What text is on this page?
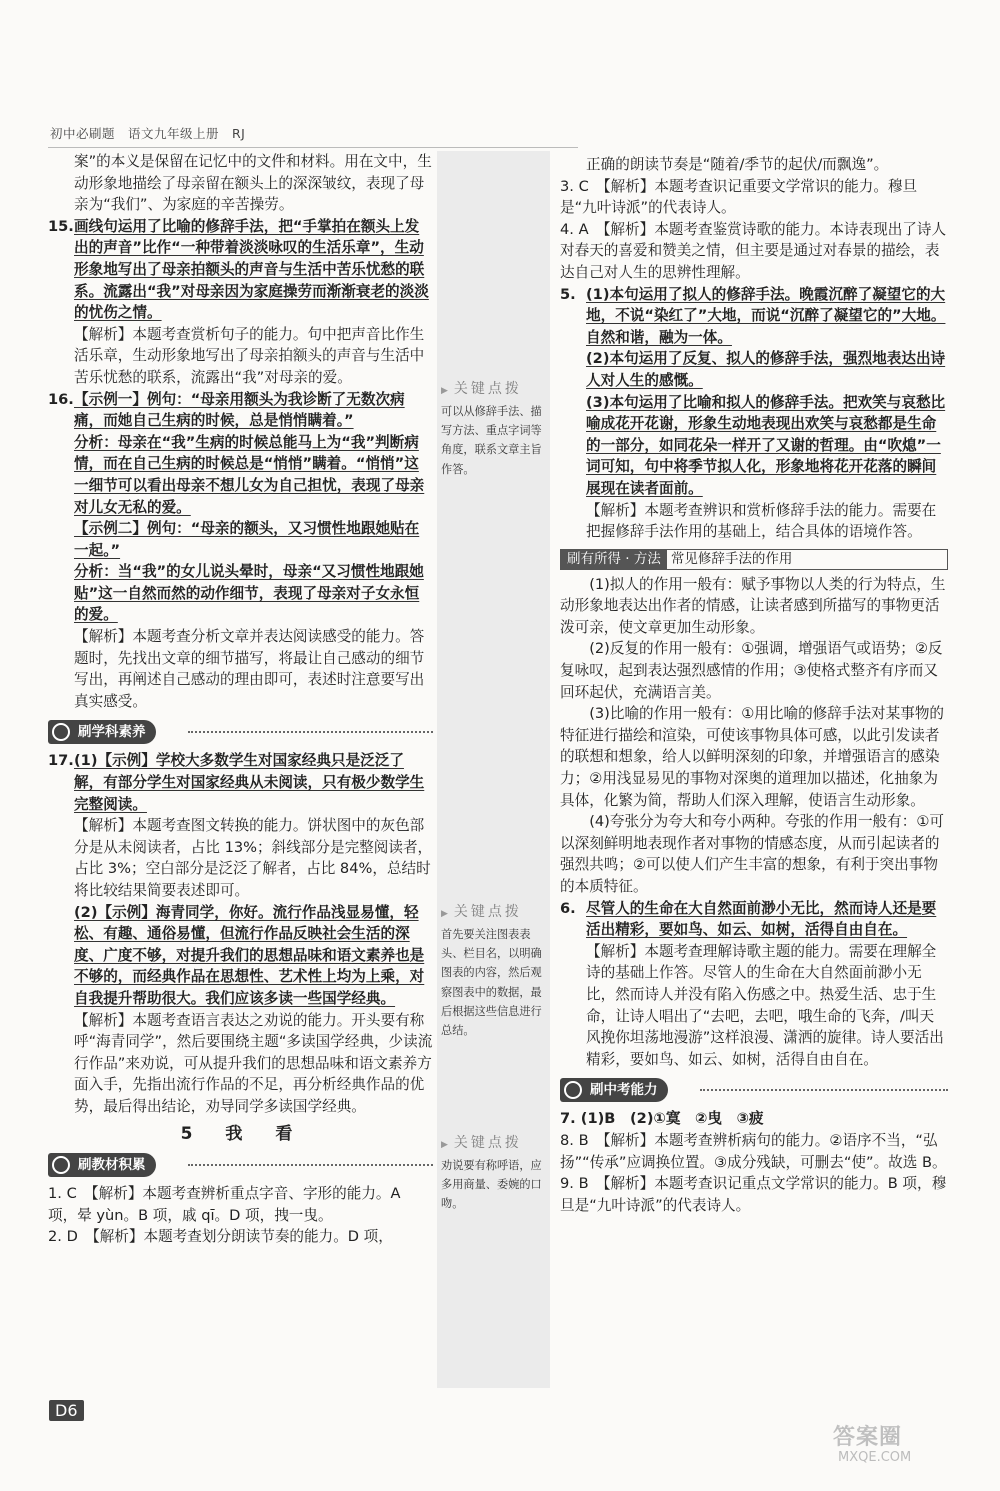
初中必刷题　语文九年级上册　RJ
▶ 关键点拨
可以从修辞手法、描写方法、重点字词等角度，联系文章主旨作答。
▶ 关键点拨
首先要关注图表表头、栏目名，以明确图表的内容，然后观察图表中的数据，最后根据这些信息进行总结。
▶ 关键点拨
劝说要有称呼语，应多用商量、委婉的口吻。

案”的本义是保留在记忆中的文件和材料。用在文中，生动形象地描绘了母亲留在额头上的深深皱纹，表现了母亲为“我们”、为家庭的辛苦操劳。

15.画线句运用了比喻的修辞手法，把“手掌拍在额头上发出的声音”比作“一种带着淡淡咏叹的生活乐章”，生动形象地写出了母亲拍额头的声音与生活中苦乐忧愁的联系。流露出“我”对母亲因为家庭操劳而渐渐衰老的淡淡的忧伤之情。

【解析】本题考查赏析句子的能力。句中把声音比作生活乐章，生动形象地写出了母亲拍额头的声音与生活中苦乐忧愁的联系，流露出“我”对母亲的爱。

16.【示例一】例句：“母亲用额头为我诊断了无数次病痛，而她自己生病的时候，总是悄悄瞒着。”

分析：母亲在“我”生病的时候总能马上为“我”判断病情，而在自己生病的时候总是“悄悄”瞒着。“悄悄”这一细节可以看出母亲不想儿女为自己担忧，表现了母亲对儿女无私的爱。

【示例二】例句：“母亲的额头，又习惯性地跟她贴在一起。”

分析：当“我”的女儿说头晕时，母亲“又习惯性地跟她贴”这一自然而然的动作细节，表现了母亲对子女永恒的爱。

【解析】本题考查分析文章并表达阅读感受的能力。答题时，先找出文章的细节描写，将最让自己感动的细节写出，再阐述自己感动的理由即可，表述时注意要写出真实感受。

刷学科素养

17.(1)【示例】学校大多数学生对国家经典只是泛泛了解，有部分学生对国家经典从未阅读，只有极少数学生完整阅读。

【解析】本题考查图文转换的能力。饼状图中的灰色部分是从未阅读者，占比 13%；斜线部分是完整阅读者，占比 3%；空白部分是泛泛了解者，占比 84%，总结时将比较结果简要表述即可。

(2)【示例】海青同学，你好。流行作品浅显易懂，轻松、有趣、通俗易懂，但流行作品反映社会生活的深度、广度不够，对提升我们的思想品味和语文素养也是不够的，而经典作品在思想性、艺术性上均为上乘，对自我提升帮助很大。我们应该多读一些国学经典。

【解析】本题考查语言表达之劝说的能力。开头要有称呼“海青同学”，然后要围绕主题“多读国学经典，少读流行作品”来劝说，可从提升我们的思想品味和语文素养方面入手，先指出流行作品的不足，再分析经典作品的优势，最后得出结论，劝导同学多读国学经典。

5　我　看
刷教材积累

1. C　【解析】本题考查辨析重点字音、字形的能力。A 项，晕 yùn。B 项，戚 qī。D 项，拽一曳。

2. D　【解析】本题考查划分朗读节奏的能力。D 项，

正确的朗读节奏是“随着/季节的起伏/而飘逸”。

3. C　【解析】本题考查识记重要文学常识的能力。穆旦是“九叶诗派”的代表诗人。

4. A　【解析】本题考查鉴赏诗歌的能力。本诗表现出了诗人对春天的喜爱和赞美之情，但主要是通过对春景的描绘，表达自己对人生的思辨性理解。

5. (1)本句运用了拟人的修辞手法。晚霞沉醉了凝望它的大地，不说“染红了”大地，而说“沉醉了凝望它的”大地。自然和谐，融为一体。

(2)本句运用了反复、拟人的修辞手法，强烈地表达出诗人对人生的感慨。

(3)本句运用了比喻和拟人的修辞手法。把欢笑与哀愁比喻成花开花谢，形象生动地表现出欢笑与哀愁都是生命的一部分，如同花朵一样开了又谢的哲理。由“吹熄”一词可知，句中将季节拟人化，形象地将花开花落的瞬间展现在读者面前。

【解析】本题考查辨识和赏析修辞手法的能力。需要在把握修辞手法作用的基础上，结合具体的语境作答。

刷有所得 · 方法 常见修辞手法的作用

(1)拟人的作用一般有：赋予事物以人类的行为特点，生动形象地表达出作者的情感，让读者感到所描写的事物更活泼可亲，使文章更加生动形象。

(2)反复的作用一般有：①强调，增强语气或语势；②反复咏叹，起到表达强烈感情的作用；③使格式整齐有序而又回环起伏，充满语言美。

(3)比喻的作用一般有：①用比喻的修辞手法对某事物的特征进行描绘和渲染，可使该事物具体可感，以此引发读者的联想和想象，给人以鲜明深刻的印象，并增强语言的感染力；②用浅显易见的事物对深奥的道理加以描述，化抽象为具体，化繁为简，帮助人们深入理解，使语言生动形象。

(4)夸张分为夸大和夸小两种。夸张的作用一般有：①可以深刻鲜明地表现作者对事物的情感态度，从而引起读者的强烈共鸣；②可以使人们产生丰富的想象，有利于突出事物的本质特征。

6. 尽管人的生命在大自然面前渺小无比，然而诗人还是要活出精彩，要如鸟、如云、如树，活得自由自在。

【解析】本题考查理解诗歌主题的能力。需要在理解全诗的基础上作答。尽管人的生命在大自然面前渺小无比，然而诗人并没有陷入伤感之中。热爱生活、忠于生命，让诗人唱出了“去吧，去吧，哦生命的飞奔，/叫天风挽你坦荡地漫游”这样浪漫、潇洒的旋律。诗人要活出精彩，要如鸟、如云、如树，活得自由自在。

刷中考能力

7. (1)B　(2)①寞　②曳　③疲

8. B　【解析】本题考查辨析病句的能力。②语序不当，“弘扬”“传承”应调换位置。③成分残缺，可删去“使”。故选 B。

9. B　【解析】本题考查识记重点文学常识的能力。B 项，穆旦是“九叶诗派”的代表诗人。

D6
答案圈
MXQE.COM
